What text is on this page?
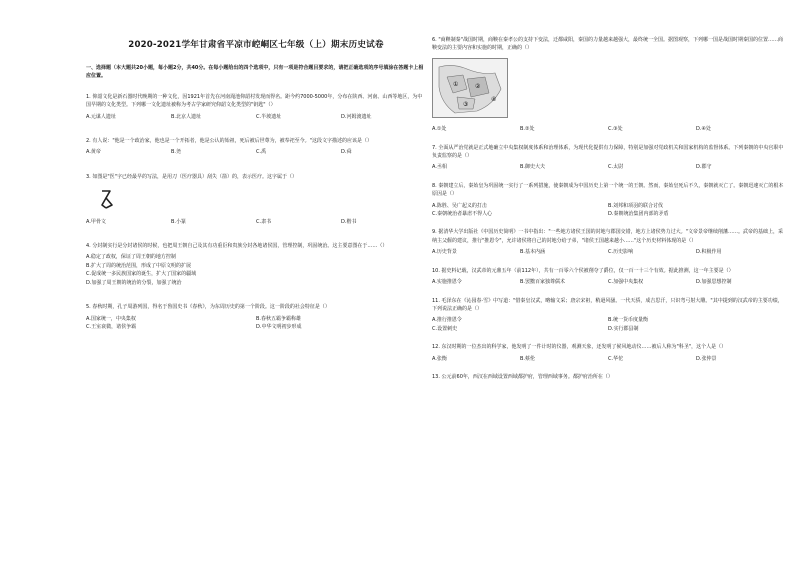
2020-2021学年甘肃省平凉市崆峒区七年级（上）期末历史试卷
一、选择题（本大题共20小题，每小题2分，共40分。在每小题给出的四个选项中，只有一项是符合题目要求的，请把正确选项的序号填涂在答题卡上相应位置。
1. 仰韶文化是新石器时代晚期的一种文化，因1921年首先在河南渑池仰韶村发现而得名。距今约7000-5000年，分布在陕西、河南、山西等地区，为中国早期的文化类型。下列哪一文化遗址被称为考古学家研究仰韶文化类型的"钥匙"（）
A.元谋人遗址	B.北京人遗址	C.半坡遗址	D.河姆渡遗址
2. 有人说："他是一个政治家，他也是一个开拓者，他是公认的始祖，死后被后世尊为，被奉祀至今。"这段文字描述的应该是（）
A.黄帝	B.尧	C.禹	D.舜
3. 如图是"医"字已经最早的写法，是用刀（医疗器具）刮失（箭）的，表示医疗。这字属于（）
A.甲骨文	B.小篆	C.隶书	D.楷书
4. 分封制实行是分封诸侯的时候，也把周王朝自己及其有功重臣和贵族分封各地诸侯国，管理控制，巩固统治。这主要意图在于……（）
A.稳定了政权，保证了周王朝的地方控制
B.扩大了周的统治范围，形成了中原文明的扩展
C.促成统一多民族国家的诞生，扩大了国家的疆域
D.加强了周王朝的统治的分裂，加强了统治
5. 春秋时期，孔子周游列国，得名于鲁国史书《春秋》，为东周历史的第一个阶段。这一阶段的社会特征是（）
A.国家统一，中央集权	B.春秋五霸争霸称雄
C.王室衰微，诸侯争霸	D.中华文明初步形成
6. "商鞅制秦"战国时期，商鞅在秦孝公的支持下变法，迁都咸阳，秦国的力量越来越强大，最终统一全国。据图观察，下列哪一国是战国时期秦国的位置……商鞅变法的主要内容和实施的时期，正确的（）
①	②
③
④
A.①处	B.②处	C.③处	D.④处
7. 全面从严治党就是正式地确立中央集权制度体系和治理体系，为现代化提供有力保障，特别是加强对党政机关和国家机构的监督体系。下列秦朝的中央官职中负责监察的是（）
A.丞相	B.御史大夫	C.太尉	D.郡守
8. 秦朝建立后，秦始皇为巩固统一实行了一系列措施，使秦朝成为中国历史上第一个统一的王朝。然而，秦始皇死后不久，秦朝就灭亡了。秦朝迅速灭亡的根本原因是（）
A.陈胜、吴广起义的打击	B.刘邦和项羽的联合讨伐
C.秦朝统治者暴虐不得人心	D.秦朝统治集团内部的矛盾
9. 据清华大学出版社《中国历史简明》一书中指出："一些地方诸侯王国的封地与郡国交错，地方上诸侯势力过大。"文帝景帝继续削藩……。武帝的基础上，采纳主父偃的建议，推行"推恩令"，允许诸侯将自己的封地分给子弟，"诸侯王国越来越小……"这个历史材料体现的是（）
A.历史背景	B.基本内涵	C.历史影响	D.积极作用
10. 据史料记载，汉武帝的元鼎五年（前112年），共有一百零六个侯被削夺了爵位，仅一百一十三个有效。据此推测，这一年主要是（）
A.实施推恩令	B.罢黜百家独尊儒术	C.加强中央集权	D.加强思想控制
11. 毛泽东在《沁园春·雪》中写道："惜秦皇汉武，略输文采；唐宗宋祖，稍逊风骚。一代天骄，成吉思汗，只识弯弓射大雕。"其中提到的汉武帝的主要功绩，下列说法正确的是（）
A.推行推恩令	B.统一货币度量衡
C.设置刺史	D.实行郡县制
12. 东汉时期的一位杰出的科学家，他发明了一件计时的仪器，观测天象，还发明了候风地动仪……被后人称为"科圣"，这个人是（）
A.张衡	B.蔡伦	C.华佗	D.张仲景
13. 公元前60年，西汉在西域设置西域都护府，管理西域事务。都护府治所在（）
